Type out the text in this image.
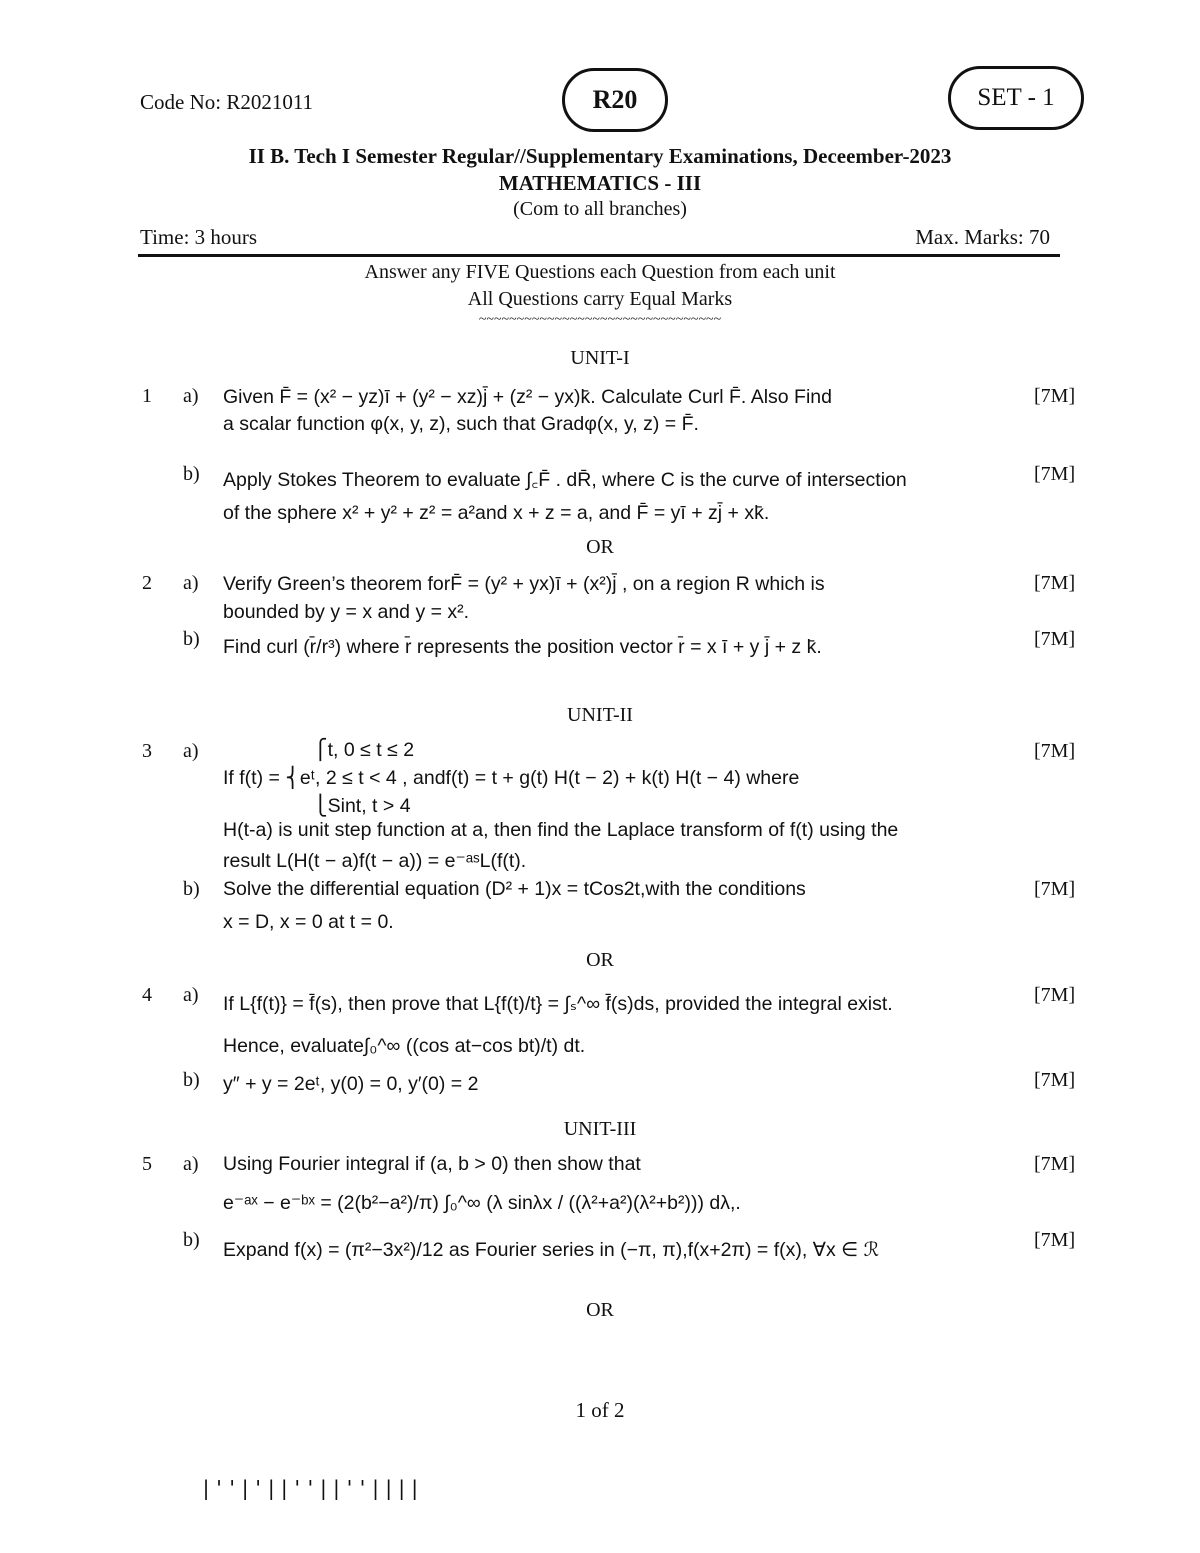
Code No: R2021011	R20	SET - 1
II B. Tech I Semester Regular//Supplementary Examinations, Deceember-2023
MATHEMATICS - III
(Com to all branches)
Time: 3 hours	Max. Marks: 70
Answer any FIVE Questions each Question from each unit
All Questions carry Equal Marks
~~~~~~~~~~~~~~~~~~~~~~~~~~~~~~~~
UNIT-I
1 a) Given F̄ = (x² − yz)ī + (y² − xz)j̄ + (z² − yx)k̄. Calculate Curl F̄. Also Find
a scalar function φ(x, y, z), such that Gradφ(x, y, z) = F̄.
[7M]
b) Apply Stokes Theorem to evaluate ∫꜀F̄ . dR̄, where C is the curve of intersection
of the sphere x² + y² + z² = a²and x + z = a, and F̄ = yī + zj̄ + xk̄.
[7M]
OR
2 a) Verify Green’s theorem forF̄ = (y² + yx)ī + (x²)j̄ , on a region R which is
bounded by y = x and y = x².
[7M]
b) Find curl (r̄/r³) where r̄ represents the position vector r̄ = x ī + y j̄ + z k̄.	[7M]
UNIT-II
3 a)	⎧t, 0 ≤ t ≤ 2
If f(t) = ⎨eᵗ, 2 ≤ t < 4 , andf(t) = t + g(t) H(t − 2) + k(t) H(t − 4) where
⎩Sint, t > 4
H(t-a) is unit step function at a, then find the Laplace transform of f(t) using the
result L(H(t − a)f(t − a)) = e⁻ᵃˢL(f(t).
[7M]
b) Solve the differential equation (D² + 1)x = tCos2t,with the conditions
x = D, x = 0 at t = 0.
[7M]
OR
4 a) If L{f(t)} = f̄(s), then prove that L{f(t)/t} = ∫ₛ^∞ f̄(s)ds, provided the integral exist.
Hence, evaluate∫₀^∞ ((cos at−cos bt)/t) dt.
[7M]
b) y″ + y = 2eᵗ, y(0) = 0, y′(0) = 2	[7M]
UNIT-III
5 a) Using Fourier integral if (a, b > 0) then show that
e⁻ᵃˣ − e⁻ᵇˣ = (2(b²−a²)/π) ∫₀^∞ (λ sinλx / ((λ²+a²)(λ²+b²))) dλ,.
[7M]
b) Expand f(x) = (π²−3x²)/12 as Fourier series in (−π, π),f(x+2π) = f(x), ∀x ∈ ℛ	[7M]
OR
1 of 2
|''|'||''||''||||
